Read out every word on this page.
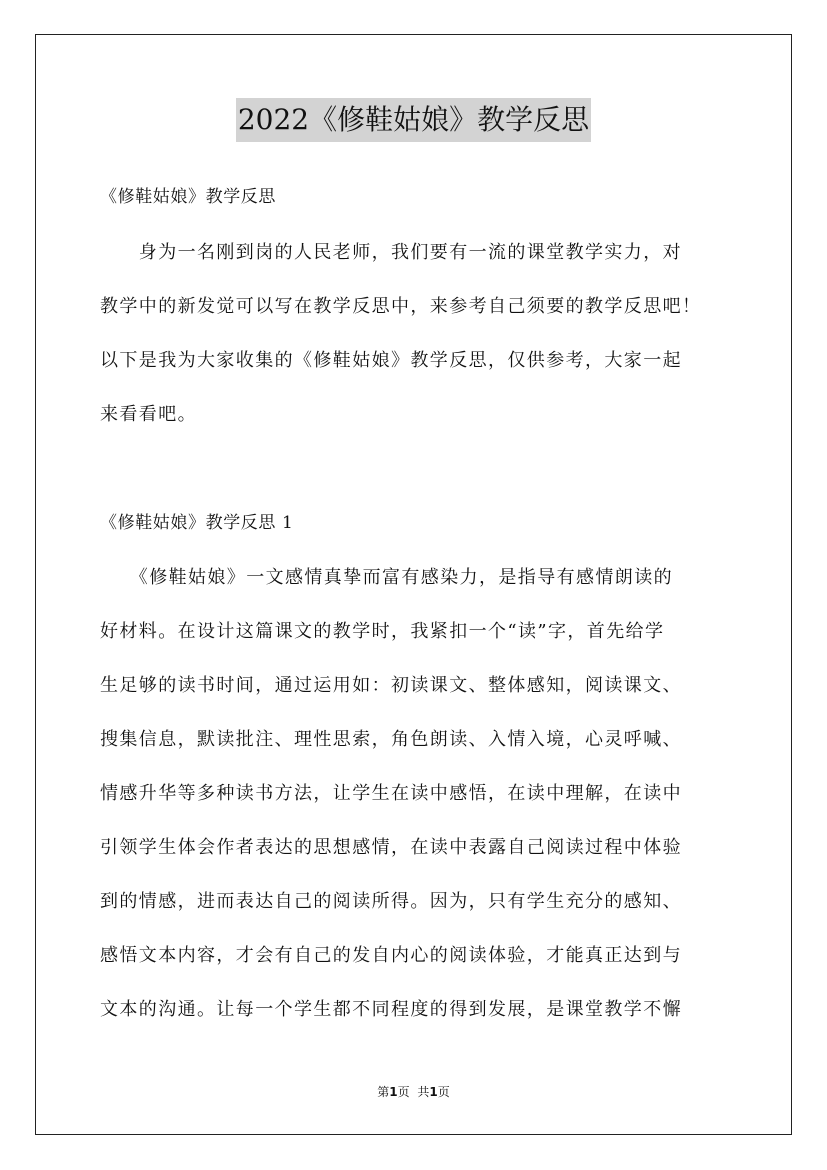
2022《修鞋姑娘》教学反思
《修鞋姑娘》教学反思
　　身为一名刚到岗的人民老师，我们要有一流的课堂教学实力，对
教学中的新发觉可以写在教学反思中，来参考自己须要的教学反思吧！
以下是我为大家收集的《修鞋姑娘》教学反思，仅供参考，大家一起
来看看吧。
《修鞋姑娘》教学反思 1
　　《修鞋姑娘》一文感情真挚而富有感染力，是指导有感情朗读的
好材料。在设计这篇课文的教学时，我紧扣一个“读”字，首先给学
生足够的读书时间，通过运用如：初读课文、整体感知，阅读课文、
搜集信息，默读批注、理性思索，角色朗读、入情入境，心灵呼喊、
情感升华等多种读书方法，让学生在读中感悟，在读中理解，在读中
引领学生体会作者表达的思想感情，在读中表露自己阅读过程中体验
到的情感，进而表达自己的阅读所得。因为，只有学生充分的感知、
感悟文本内容，才会有自己的发自内心的阅读体验，才能真正达到与
文本的沟通。让每一个学生都不同程度的得到发展，是课堂教学不懈
第1页 共1页
